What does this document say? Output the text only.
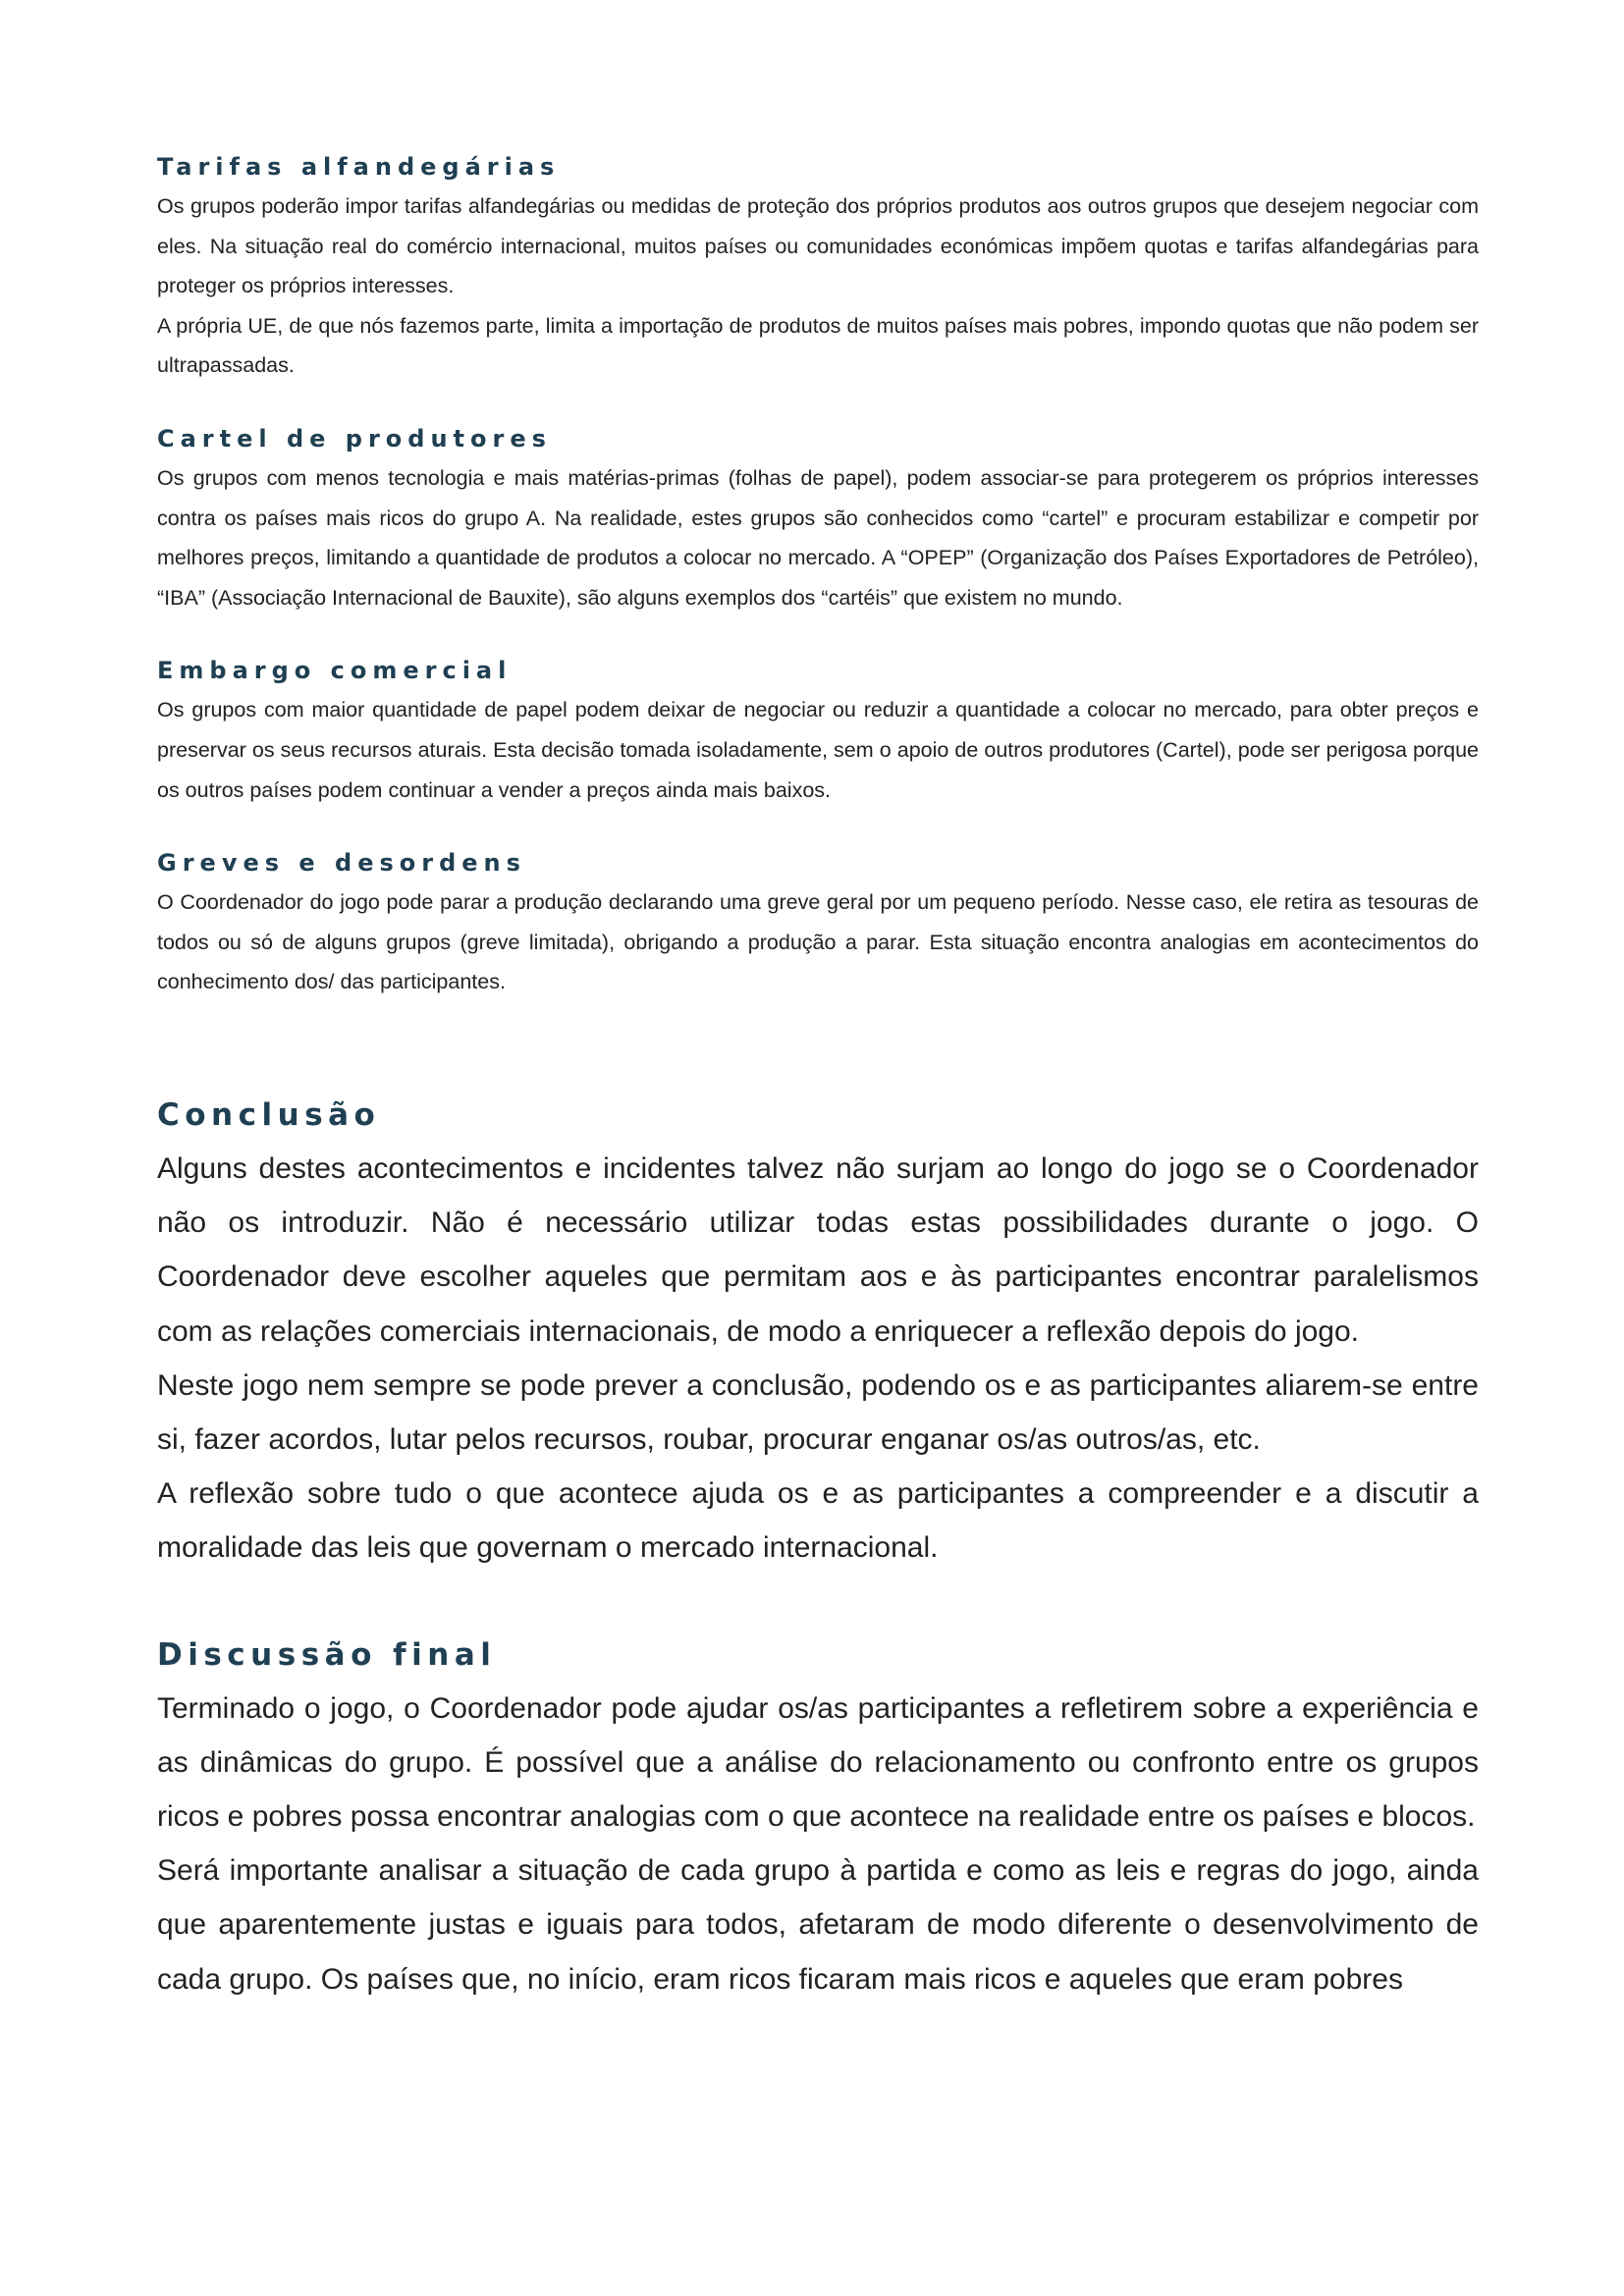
Tarifas alfandegárias

Os grupos poderão impor tarifas alfandegárias ou medidas de proteção dos próprios produtos aos outros grupos que desejem negociar com eles. Na situação real do comércio internacional, muitos países ou comunidades económicas impõem quotas e tarifas alfandegárias para proteger os próprios interesses.

A própria UE, de que nós fazemos parte, limita a importação de produtos de muitos países mais pobres, impondo quotas que não podem ser ultrapassadas.

Cartel de produtores

Os grupos com menos tecnologia e mais matérias-primas (folhas de papel), podem associar-se para protegerem os próprios interesses contra os países mais ricos do grupo A. Na realidade, estes grupos são conhecidos como “cartel” e procuram estabilizar e competir por melhores preços, limitando a quantidade de produtos a colocar no mercado. A “OPEP” (Organização dos Países Exportadores de Petróleo), “IBA” (Associação Internacional de Bauxite), são alguns exemplos dos “cartéis” que existem no mundo.

Embargo comercial

Os grupos com maior quantidade de papel podem deixar de negociar ou reduzir a quantidade a colocar no mercado, para obter preços e preservar os seus recursos aturais. Esta decisão tomada isoladamente, sem o apoio de outros produtores (Cartel), pode ser perigosa porque os outros países podem continuar a vender a preços ainda mais baixos.

Greves e desordens

O Coordenador do jogo pode parar a produção declarando uma greve geral por um pequeno período. Nesse caso, ele retira as tesouras de todos ou só de alguns grupos (greve limitada), obrigando a produção a parar. Esta situação encontra analogias em acontecimentos do conhecimento dos/ das participantes.

Conclusão

Alguns destes acontecimentos e incidentes talvez não surjam ao longo do jogo se o Coordenador não os introduzir. Não é necessário utilizar todas estas possibilidades durante o jogo. O Coordenador deve escolher aqueles que permitam aos e às participantes encontrar paralelismos com as relações comerciais internacionais, de modo a enriquecer a reflexão depois do jogo.

Neste jogo nem sempre se pode prever a conclusão, podendo os e as participantes aliarem-se entre si, fazer acordos, lutar pelos recursos, roubar, procurar enganar os/as outros/as, etc.

A reflexão sobre tudo o que acontece ajuda os e as participantes a compreender e a discutir a moralidade das leis que governam o mercado internacional.

Discussão final

Terminado o jogo, o Coordenador pode ajudar os/as participantes a refletirem sobre a experiência e as dinâmicas do grupo. É possível que a análise do relacionamento ou confronto entre os grupos ricos e pobres possa encontrar analogias com o que acontece na realidade entre os países e blocos.

Será importante analisar a situação de cada grupo à partida e como as leis e regras do jogo, ainda que aparentemente justas e iguais para todos, afetaram de modo diferente o desenvolvimento de cada grupo. Os países que, no início, eram ricos ficaram mais ricos e aqueles que eram pobres
